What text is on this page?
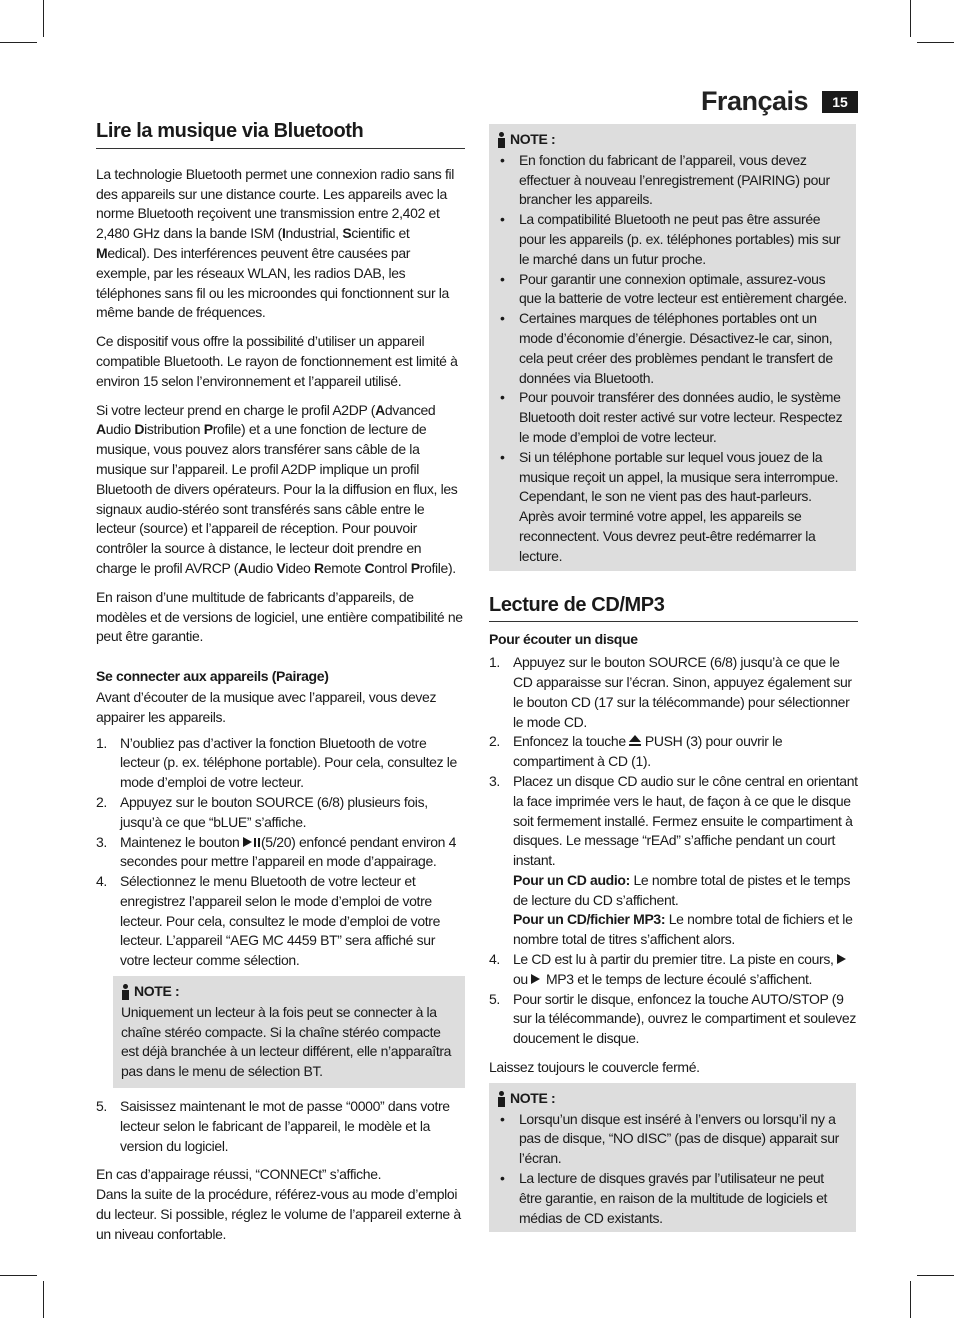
Français	15
Lire la musique via Bluetooth

La technologie Bluetooth permet une connexion radio sans fil des appareils sur une distance courte. Les appareils avec la norme Bluetooth reçoivent une transmission entre 2,402 et 2,480 GHz dans la bande ISM (Industrial, Scientific et Medical). Des interférences peuvent être causées par exemple, par les réseaux WLAN, les radios DAB, les téléphones sans fil ou les microondes qui fonctionnent sur la même bande de fréquences.

Ce dispositif vous offre la possibilité d’utiliser un appareil compatible Bluetooth. Le rayon de fonctionnement est limité à environ 15 selon l’environnement et l’appareil utilisé.

Si votre lecteur prend en charge le profil A2DP (Advanced Audio Distribution Profile) et a une fonction de lecture de musique, vous pouvez alors transférer sans câble de la musique sur l’appareil. Le profil A2DP implique un profil Bluetooth de divers opérateurs. Pour la la diffusion en flux, les signaux audio-stéréo sont transférés sans câble entre le lecteur (source) et l’appareil de réception. Pour pouvoir contrôler la source à distance, le lecteur doit prendre en charge le profil AVRCP (Audio Video Remote Control Profile).

En raison d’une multitude de fabricants d’appareils, de modèles et de versions de logiciel, une entière compatibilité ne peut être garantie.

Se connecter aux appareils (Pairage)

Avant d’écouter de la musique avec l’appareil, vous devez appairer les appareils.

1. N’oubliez pas d’activer la fonction Bluetooth de votre lecteur (p. ex. téléphone portable). Pour cela, consultez le mode d’emploi de votre lecteur.
2. Appuyez sur le bouton SOURCE (6/8) plusieurs fois, jusqu’à ce que “bLUE” s’affiche.
3. Maintenez le bouton (5/20) enfoncé pendant environ 4 secondes pour mettre l’appareil en mode d’appairage.
4. Sélectionnez le menu Bluetooth de votre lecteur et enregistrez l’appareil selon le mode d’emploi de votre lecteur. Pour cela, consultez le mode d’emploi de votre lecteur. L’appareil “AEG MC 4459 BT” sera affiché sur votre lecteur comme sélection.
NOTE :
Uniquement un lecteur à la fois peut se connecter à la chaîne stéréo compacte. Si la chaîne stéréo compacte est déjà branchée à un lecteur différent, elle n’apparaîtra pas dans le menu de sélection BT.
5. Saisissez maintenant le mot de passe “0000” dans votre lecteur selon le fabricant de l’appareil, le modèle et la version du logiciel.
En cas d’appairage réussi, “CONNECt” s’affiche.
Dans la suite de la procédure, référez-vous au mode d’emploi du lecteur. Si possible, réglez le volume de l’appareil externe à un niveau confortable.
NOTE :
• En fonction du fabricant de l’appareil, vous devez effectuer à nouveau l’enregistrement (PAIRING) pour brancher les appareils.
• La compatibilité Bluetooth ne peut pas être assurée pour les appareils (p. ex. téléphones portables) mis sur le marché dans un futur proche.
• Pour garantir une connexion optimale, assurez-vous que la batterie de votre lecteur est entièrement chargée.
• Certaines marques de téléphones portables ont un mode d’économie d’énergie. Désactivez-le car, sinon, cela peut créer des problèmes pendant le transfert de données via Bluetooth.
• Pour pouvoir transférer des données audio, le système Bluetooth doit rester activé sur votre lecteur. Respectez le mode d’emploi de votre lecteur.
• Si un téléphone portable sur lequel vous jouez de la musique reçoit un appel, la musique sera interrompue. Cependant, le son ne vient pas des haut-parleurs. Après avoir terminé votre appel, les appareils se reconnectent. Vous devrez peut-être redémarrer la lecture.
Lecture de CD/MP3
Pour écouter un disque
1. Appuyez sur le bouton SOURCE (6/8) jusqu’à ce que le CD apparaisse sur l’écran. Sinon, appuyez également sur le bouton CD (17 sur la télécommande) pour sélectionner le mode CD.
2. Enfoncez la touche  PUSH (3) pour ouvrir le compartiment à CD (1).
3. Placez un disque CD audio sur le cône central en orientant la face imprimée vers le haut, de façon à ce que le disque soit fermement installé. Fermez ensuite le compartiment à disques. Le message “rEAd” s’affiche pendant un court instant.
Pour un CD audio: Le nombre total de pistes et le temps de lecture du CD s’affichent.
Pour un CD/fichier MP3: Le nombre total de fichiers et le nombre total de titres s’affichent alors.
4. Le CD est lu à partir du premier titre. La piste en cours,  ou  MP3 et le temps de lecture écoulé s’affichent.
5. Pour sortir le disque, enfoncez la touche AUTO/STOP (9 sur la télécommande), ouvrez le compartiment et soulevez doucement le disque.
Laissez toujours le couvercle fermé.
NOTE :
• Lorsqu’un disque est inséré à l’envers ou lorsqu’il ny a pas de disque, “NO dISC” (pas de disque) apparait sur l’écran.
• La lecture de disques gravés par l’utilisateur ne peut être garantie, en raison de la multitude de logiciels et médias de CD existants.
